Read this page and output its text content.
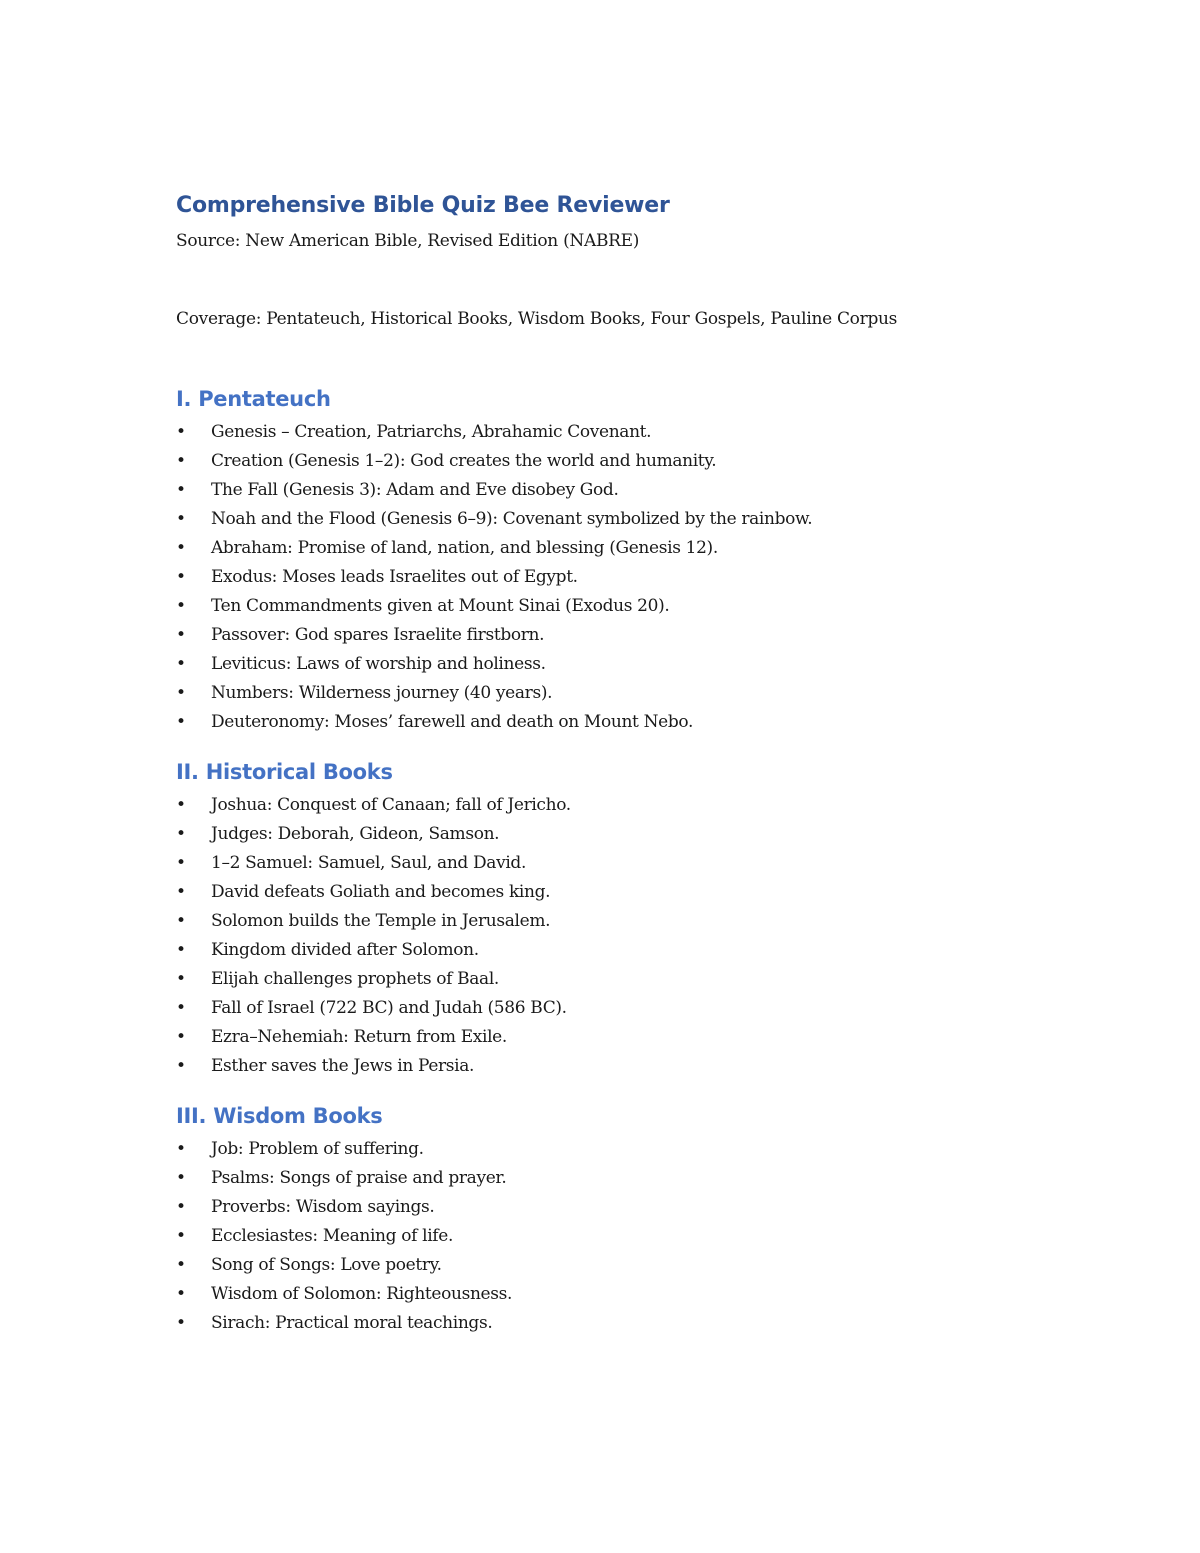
Comprehensive Bible Quiz Bee Reviewer

Source: New American Bible, Revised Edition (NABRE)

Coverage: Pentateuch, Historical Books, Wisdom Books, Four Gospels, Pauline Corpus

I. Pentateuch
• Genesis – Creation, Patriarchs, Abrahamic Covenant.
• Creation (Genesis 1–2): God creates the world and humanity.
• The Fall (Genesis 3): Adam and Eve disobey God.
• Noah and the Flood (Genesis 6–9): Covenant symbolized by the rainbow.
• Abraham: Promise of land, nation, and blessing (Genesis 12).
• Exodus: Moses leads Israelites out of Egypt.
• Ten Commandments given at Mount Sinai (Exodus 20).
• Passover: God spares Israelite firstborn.
• Leviticus: Laws of worship and holiness.
• Numbers: Wilderness journey (40 years).
• Deuteronomy: Moses’ farewell and death on Mount Nebo.
II. Historical Books
• Joshua: Conquest of Canaan; fall of Jericho.
• Judges: Deborah, Gideon, Samson.
• 1–2 Samuel: Samuel, Saul, and David.
• David defeats Goliath and becomes king.
• Solomon builds the Temple in Jerusalem.
• Kingdom divided after Solomon.
• Elijah challenges prophets of Baal.
• Fall of Israel (722 BC) and Judah (586 BC).
• Ezra–Nehemiah: Return from Exile.
• Esther saves the Jews in Persia.
III. Wisdom Books
• Job: Problem of suffering.
• Psalms: Songs of praise and prayer.
• Proverbs: Wisdom sayings.
• Ecclesiastes: Meaning of life.
• Song of Songs: Love poetry.
• Wisdom of Solomon: Righteousness.
• Sirach: Practical moral teachings.
